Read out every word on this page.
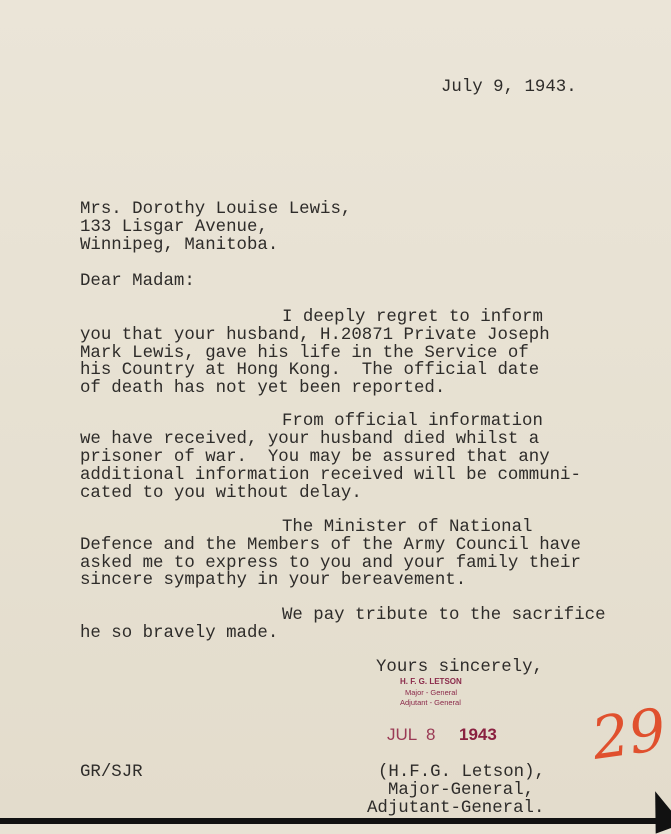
July 9, 1943.
Mrs. Dorothy Louise Lewis,
133 Lisgar Avenue,
Winnipeg, Manitoba.
Dear Madam:
I deeply regret to inform
you that your husband, H.20871 Private Joseph
Mark Lewis, gave his life in the Service of
his Country at Hong Kong.  The official date
of death has not yet been reported.
From official information
we have received, your husband died whilst a
prisoner of war.  You may be assured that any
additional information received will be communi-
cated to you without delay.
The Minister of National
Defence and the Members of the Army Council have
asked me to express to you and your family their
sincere sympathy in your bereavement.
We pay tribute to the sacrifice
he so bravely made.
Yours sincerely,
H. F. G. LETSON
Major - General
Adjutant - General
JUL  8 1943 29
GR/SJR	(H.F.G. Letson),
Major-General,
Adjutant-General.
